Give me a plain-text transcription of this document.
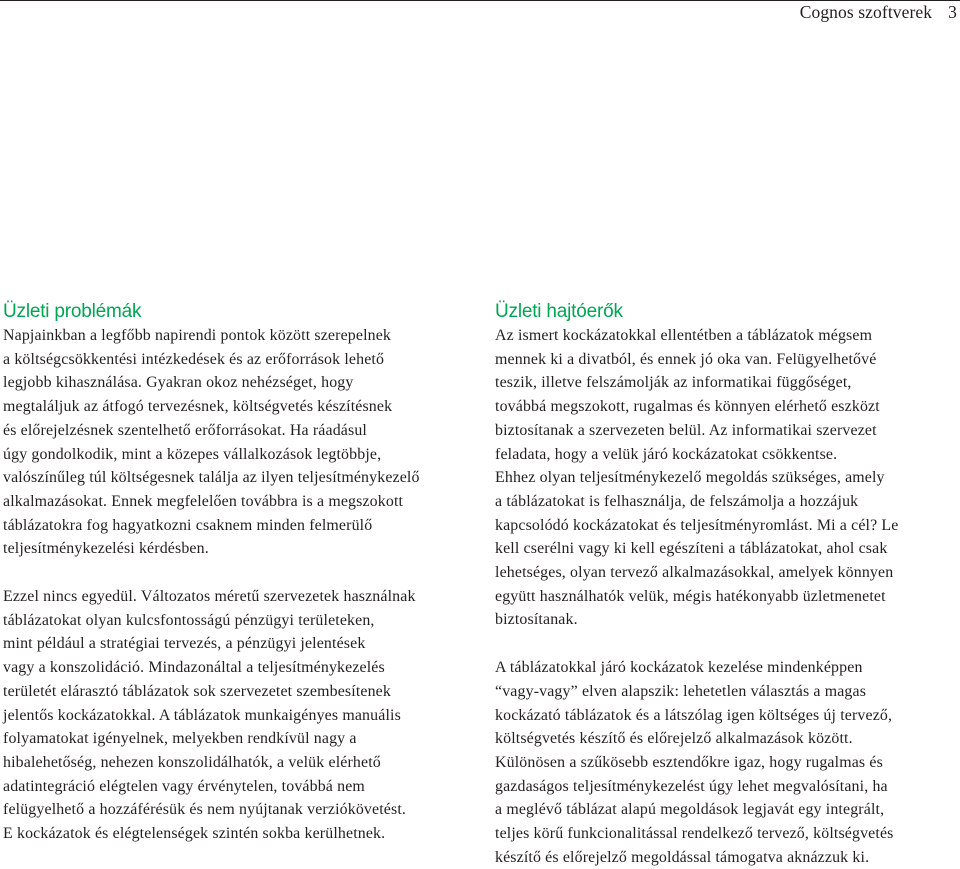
Cognos szoftverek 3
Üzleti problémák
Napjainkban a legfőbb napirendi pontok között szerepelnek
a költségcsökkentési intézkedések és az erőforrások lehető
legjobb kihasználása. Gyakran okoz nehézséget, hogy
megtaláljuk az átfogó tervezésnek, költségvetés készítésnek
és előrejelzésnek szentelhető erőforrásokat. Ha ráadásul
úgy gondolkodik, mint a közepes vállalkozások legtöbbje,
valószínűleg túl költségesnek találja az ilyen teljesítménykezelő
alkalmazásokat. Ennek megfelelően továbbra is a megszokott
táblázatokra fog hagyatkozni csaknem minden felmerülő
teljesítménykezelési kérdésben.
Ezzel nincs egyedül. Változatos méretű szervezetek használnak
táblázatokat olyan kulcsfontosságú pénzügyi területeken,
mint például a stratégiai tervezés, a pénzügyi jelentések
vagy a konszolidáció. Mindazonáltal a teljesítménykezelés
területét elárasztó táblázatok sok szervezetet szembesítenek
jelentős kockázatokkal. A táblázatok munkaigényes manuális
folyamatokat igényelnek, melyekben rendkívül nagy a
hibalehetőség, nehezen konszolidálhatók, a velük elérhető
adatintegráció elégtelen vagy érvénytelen, továbbá nem
felügyelhető a hozzáférésük és nem nyújtanak verziókövetést.
E kockázatok és elégtelenségek szintén sokba kerülhetnek.
Üzleti hajtóerők
Az ismert kockázatokkal ellentétben a táblázatok mégsem
mennek ki a divatból, és ennek jó oka van. Felügyelhetővé
teszik, illetve felszámolják az informatikai függőséget,
továbbá megszokott, rugalmas és könnyen elérhető eszközt
biztosítanak a szervezeten belül. Az informatikai szervezet
feladata, hogy a velük járó kockázatokat csökkentse.
Ehhez olyan teljesítménykezelő megoldás szükséges, amely
a táblázatokat is felhasználja, de felszámolja a hozzájuk
kapcsolódó kockázatokat és teljesítményromlást. Mi a cél? Le
kell cserélni vagy ki kell egészíteni a táblázatokat, ahol csak
lehetséges, olyan tervező alkalmazásokkal, amelyek könnyen
együtt használhatók velük, mégis hatékonyabb üzletmenetet
biztosítanak.
A táblázatokkal járó kockázatok kezelése mindenképpen
“vagy-vagy” elven alapszik: lehetetlen választás a magas
kockázató táblázatok és a látszólag igen költséges új tervező,
költségvetés készítő és előrejelző alkalmazások között.
Különösen a szűkösebb esztendőkre igaz, hogy rugalmas és
gazdaságos teljesítménykezelést úgy lehet megvalósítani, ha
a meglévő táblázat alapú megoldások legjavát egy integrált,
teljes körű funkcionalitással rendelkező tervező, költségvetés
készítő és előrejelző megoldással támogatva aknázzuk ki.
